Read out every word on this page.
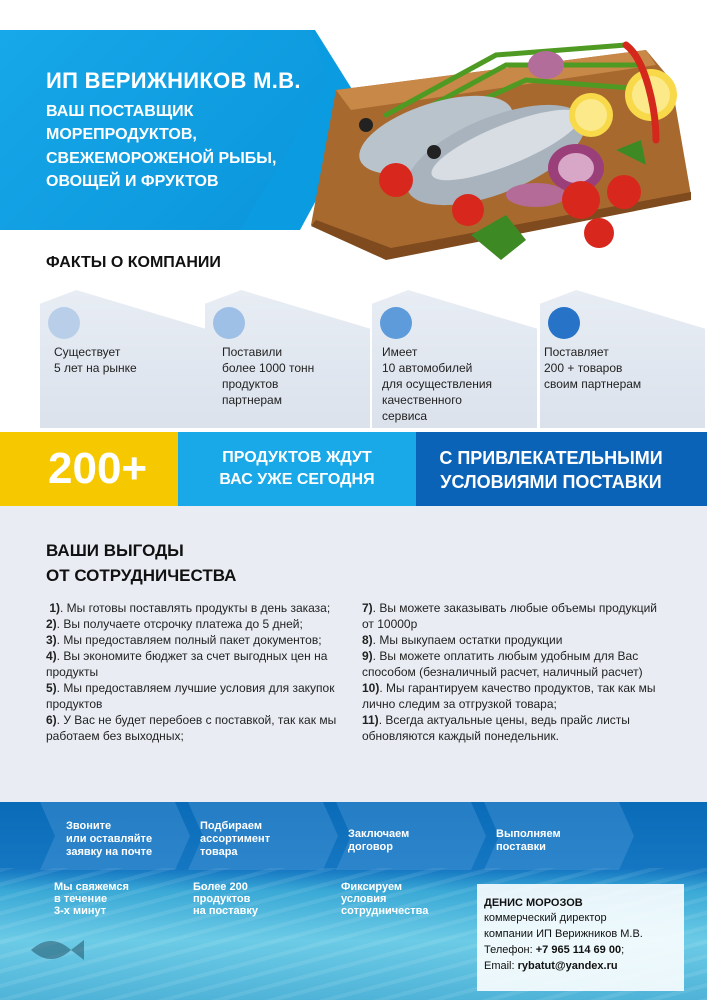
ИП ВЕРИЖНИКОВ М.В.
ВАШ ПОСТАВЩИК
МОРЕПРОДУКТОВ,
СВЕЖЕМОРОЖЕНОЙ РЫБЫ,
ОВОЩЕЙ И ФРУКТОВ
ФАКТЫ О КОМПАНИИ
Существует
5 лет на рынке
Поставили
более 1000 тонн
продуктов
партнерам
Имеет
10 автомобилей
для осуществления
качественного
сервиса
Поставляет
200 + товаров
своим партнерам
200+	ПРОДУКТОВ ЖДУТ
ВАС УЖЕ СЕГОДНЯ
С ПРИВЛЕКАТЕЛЬНЫМИ
УСЛОВИЯМИ ПОСТАВКИ
ВАШИ ВЫГОДЫ
ОТ СОТРУДНИЧЕСТВА

1). Мы готовы поставлять продукты в день заказа;

2). Вы получаете отсрочку платежа до 5 дней;

3). Мы предоставляем полный пакет документов;

4). Вы экономите бюджет за счет выгодных цен на продукты

5). Мы предоставляем лучшие условия для закупок продуктов

6). У Вас не будет перебоев с поставкой, так как мы работаем без выходных;

7). Вы можете заказывать любые объемы продукций от 10000р

8). Мы выкупаем остатки продукции

9). Вы можете оплатить любым удобным для Вас способом (безналичный расчет, наличный расчет)

10). Мы гарантируем качество продуктов, так как мы лично следим за отгрузкой товара;

11). Всегда актуальные цены, ведь прайс листы обновляются каждый понедельник.

Звоните
или оставляйте
заявку на почте
Подбираем
ассортимент
товара
Заключаем
договор
Выполняем
поставки
Мы свяжемся
в течение
3-х минут
Более 200
продуктов
на поставку
Фиксируем
условия
сотрудничества
ДЕНИС МОРОЗОВ
коммерческий директор
компании ИП Верижников М.В.
Телефон: +7 965 114 69 00;
Email: rybatut@yandex.ru
